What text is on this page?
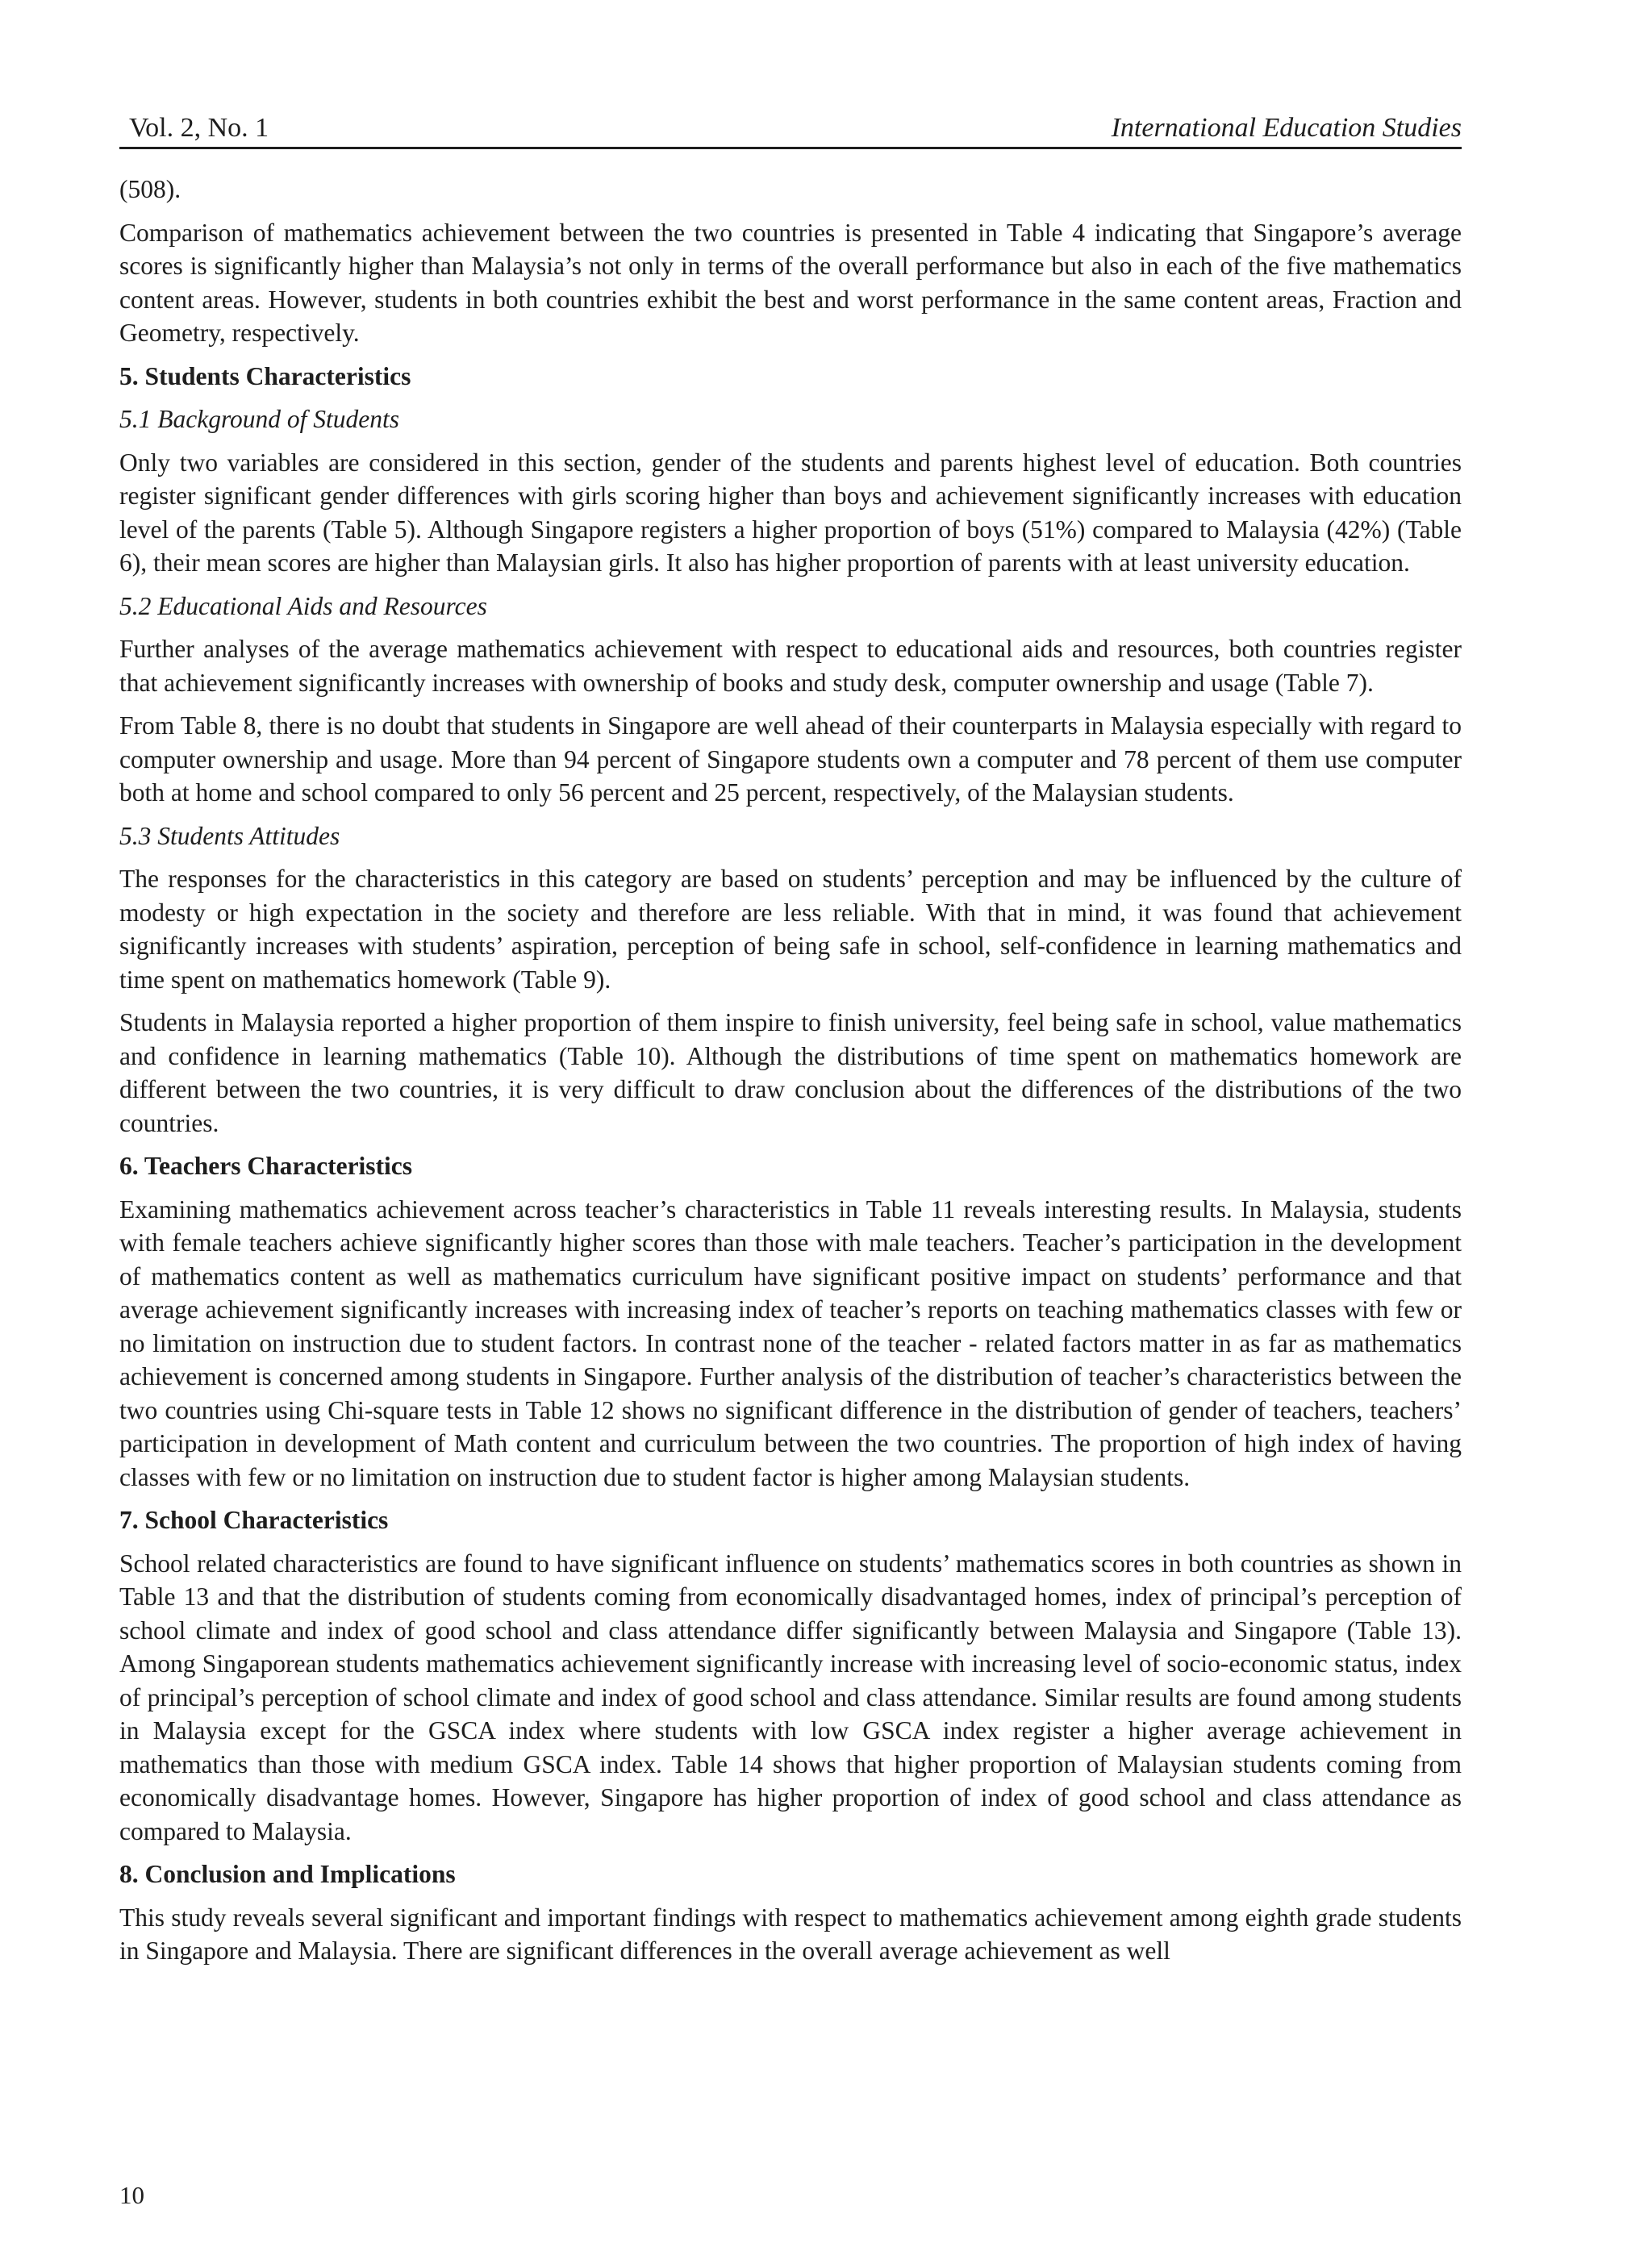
Vol. 2, No. 1	International Education Studies

(508).

Comparison of mathematics achievement between the two countries is presented in Table 4 indicating that Singapore’s average scores is significantly higher than Malaysia’s not only in terms of the overall performance but also in each of the five mathematics content areas. However, students in both countries exhibit the best and worst performance in the same content areas, Fraction and Geometry, respectively.

5. Students Characteristics
5.1 Background of Students

Only two variables are considered in this section, gender of the students and parents highest level of education. Both countries register significant gender differences with girls scoring higher than boys and achievement significantly increases with education level of the parents (Table 5). Although Singapore registers a higher proportion of boys (51%) compared to Malaysia (42%) (Table 6), their mean scores are higher than Malaysian girls. It also has higher proportion of parents with at least university education.

5.2 Educational Aids and Resources

Further analyses of the average mathematics achievement with respect to educational aids and resources, both countries register that achievement significantly increases with ownership of books and study desk, computer ownership and usage (Table 7).

From Table 8, there is no doubt that students in Singapore are well ahead of their counterparts in Malaysia especially with regard to computer ownership and usage. More than 94 percent of Singapore students own a computer and 78 percent of them use computer both at home and school compared to only 56 percent and 25 percent, respectively, of the Malaysian students.

5.3 Students Attitudes

The responses for the characteristics in this category are based on students’ perception and may be influenced by the culture of modesty or high expectation in the society and therefore are less reliable. With that in mind, it was found that achievement significantly increases with students’ aspiration, perception of being safe in school, self-confidence in learning mathematics and time spent on mathematics homework (Table 9).

Students in Malaysia reported a higher proportion of them inspire to finish university, feel being safe in school, value mathematics and confidence in learning mathematics (Table 10). Although the distributions of time spent on mathematics homework are different between the two countries, it is very difficult to draw conclusion about the differences of the distributions of the two countries.

6. Teachers Characteristics

Examining mathematics achievement across teacher’s characteristics in Table 11 reveals interesting results. In Malaysia, students with female teachers achieve significantly higher scores than those with male teachers. Teacher’s participation in the development of mathematics content as well as mathematics curriculum have significant positive impact on students’ performance and that average achievement significantly increases with increasing index of teacher’s reports on teaching mathematics classes with few or no limitation on instruction due to student factors. In contrast none of the teacher - related factors matter in as far as mathematics achievement is concerned among students in Singapore. Further analysis of the distribution of teacher’s characteristics between the two countries using Chi-square tests in Table 12 shows no significant difference in the distribution of gender of teachers, teachers’ participation in development of Math content and curriculum between the two countries. The proportion of high index of having classes with few or no limitation on instruction due to student factor is higher among Malaysian students.

7. School Characteristics

School related characteristics are found to have significant influence on students’ mathematics scores in both countries as shown in Table 13 and that the distribution of students coming from economically disadvantaged homes, index of principal’s perception of school climate and index of good school and class attendance differ significantly between Malaysia and Singapore (Table 13). Among Singaporean students mathematics achievement significantly increase with increasing level of socio-economic status, index of principal’s perception of school climate and index of good school and class attendance. Similar results are found among students in Malaysia except for the GSCA index where students with low GSCA index register a higher average achievement in mathematics than those with medium GSCA index. Table 14 shows that higher proportion of Malaysian students coming from economically disadvantage homes. However, Singapore has higher proportion of index of good school and class attendance as compared to Malaysia.

8. Conclusion and Implications

This study reveals several significant and important findings with respect to mathematics achievement among eighth grade students in Singapore and Malaysia. There are significant differences in the overall average achievement as well

10
